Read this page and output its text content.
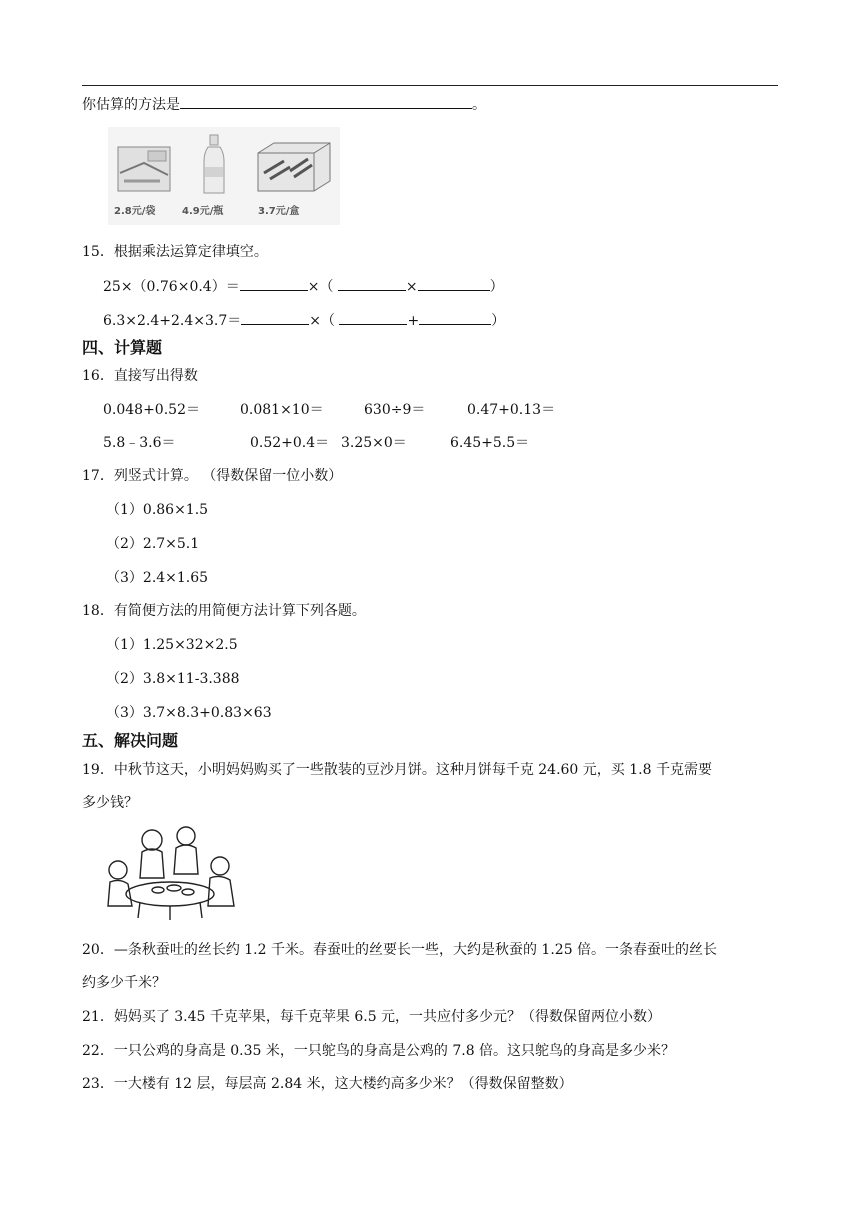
你估算的方法是	。
2.8元/袋	4.9元/瓶	3.7元/盒
15．根据乘法运算定律填空。
25×（0.76×0.4）＝	×（	×	）
6.3×2.4+2.4×3.7＝	×（	+	）
四、计算题
16．直接写出得数
0.048+0.52＝	0.081×10＝	630÷9＝	0.47+0.13＝
5.8﹣3.6＝	0.52+0.4＝ 3.25×0＝	6.45+5.5＝
17．列竖式计算。 （得数保留一位小数）
（1）0.86×1.5
（2）2.7×5.1
（3）2.4×1.65
18．有简便方法的用简便方法计算下列各题。
（1）1.25×32×2.5
（2）3.8×11-3.388
（3）3.7×8.3+0.83×63
五、解决问题
19．中秋节这天，小明妈妈购买了一些散装的豆沙月饼。这种月饼每千克 24.60 元，买 1.8 千克需要
多少钱？
20．—条秋蚕吐的丝长约 1.2 千米。春蚕吐的丝要长一些，大约是秋蚕的 1.25 倍。一条春蚕吐的丝长
约多少千米？
21．妈妈买了 3.45 千克苹果，每千克苹果 6.5 元，一共应付多少元？（得数保留两位小数）
22．一只公鸡的身高是 0.35 米，一只鸵鸟的身高是公鸡的 7.8 倍。这只鸵鸟的身高是多少米？
23．一大楼有 12 层，每层高 2.84 米，这大楼约高多少米？（得数保留整数）
